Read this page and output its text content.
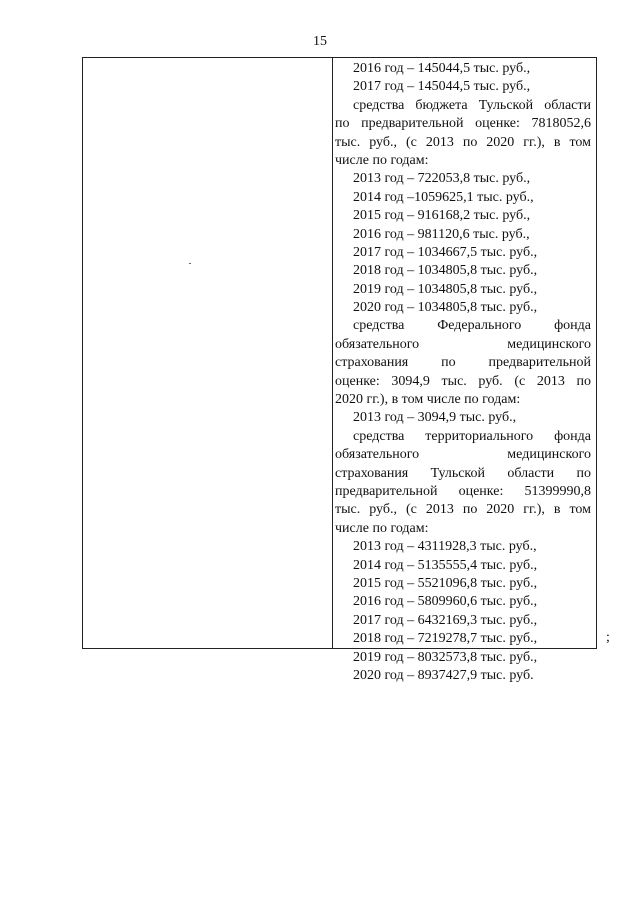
15
2016 год – 145044,5 тыс. руб.,
2017 год – 145044,5 тыс. руб.,
средства бюджета Тульской области
по предварительной оценке: 7818052,6
тыс. руб., (с 2013 по 2020 гг.), в том
числе по годам:
2013 год – 722053,8 тыс. руб.,
2014 год –1059625,1 тыс. руб.,
2015 год – 916168,2 тыс. руб.,
2016 год – 981120,6 тыс. руб.,
2017 год – 1034667,5 тыс. руб.,
2018 год – 1034805,8 тыс. руб.,
2019 год – 1034805,8 тыс. руб.,
2020 год – 1034805,8 тыс. руб.,
средства Федерального фонда
обязательного медицинского
страхования по предварительной
оценке: 3094,9 тыс. руб. (с 2013 по
2020 гг.), в том числе по годам:
2013 год – 3094,9 тыс. руб.,
средства территориального фонда
обязательного медицинского
страхования Тульской области по
предварительной оценке: 51399990,8
тыс. руб., (с 2013 по 2020 гг.), в том
числе по годам:
2013 год – 4311928,3 тыс. руб.,
2014 год – 5135555,4 тыс. руб.,
2015 год – 5521096,8 тыс. руб.,
2016 год – 5809960,6 тыс. руб.,
2017 год – 6432169,3 тыс. руб.,
2018 год – 7219278,7 тыс. руб.,
2019 год – 8032573,8 тыс. руб.,
2020 год – 8937427,9 тыс. руб.
;
